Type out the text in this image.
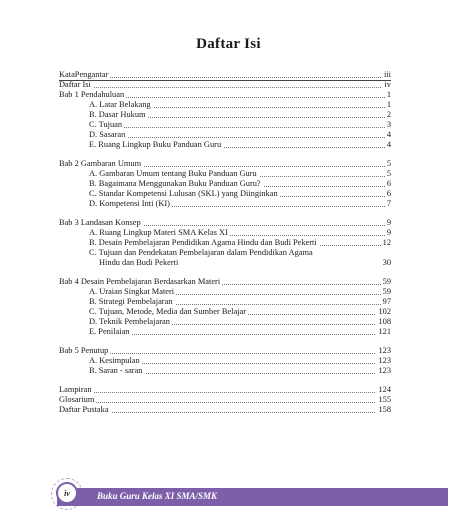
Daftar Isi
KataPengantar	iii
Daftar Isi	iv
Bab 1 Pendahuluan	1
A. Latar Belakang	1
B. Dasar Hukum	2
C. Tujuan	3
D. Sasaran	4
E. Ruang Lingkup Buku Panduan Guru	4
Bab 2 Gambaran Umum	5
A. Gambaran Umum tentang Buku Panduan Guru	5
B. Bagaimana Menggunakan Buku Panduan Guru?	6
C. Standar Kompetensi Lulusan (SKL) yang Diinginkan	6
D. Kompetensi Inti (KI)	7
Bab 3 Landasan Konsep	9
A. Ruang Lingkup Materi SMA Kelas XI	9
B. Desain Pembelajaran Pendidikan Agama Hindu dan Budi Pekerti	12
C. Tujuan dan Pendekatan Pembelajaran dalam Pendidikan Agama
Hindu dan Budi Pekerti	30
Bab 4 Desain Pembelajaran Berdasarkan Materi	59
A. Uraian Singkat Materi	59
B. Strategi Pembelajaran	97
C. Tujuan, Metode, Media dan Sumber Belajar	102
D. Teknik Pembelajaran	108
E. Penilaian	121
Bab 5 Penutup	123
A. Kesimpulan	123
B. Saran - saran	123
Lampiran	124
Glosarium	155
Daftar Pustaka	158
Buku Guru Kelas XI SMA/SMK
iv
